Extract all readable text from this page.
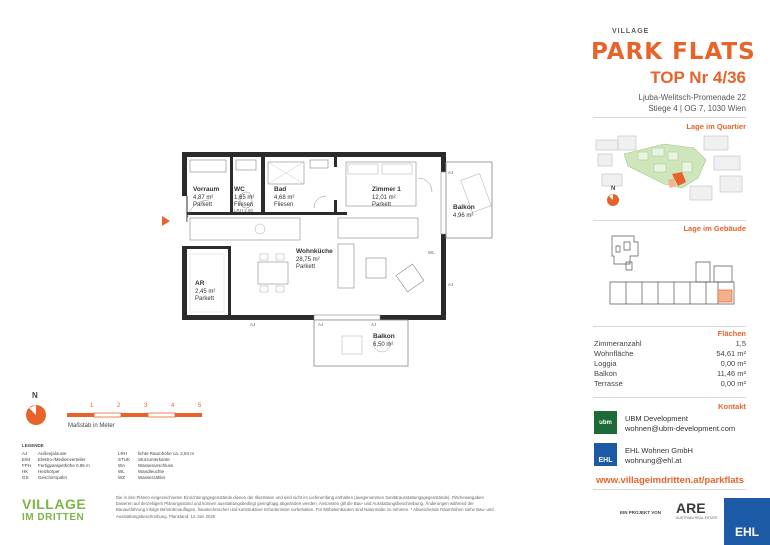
VILLAGE
PARK FLATS
TOP Nr 4/36
Ljuba-Welitsch-Promenade 22
Stiege 4 | OG 7, 1030 Wien
Lage im Quartier
N
Lage im Gebäude
Flächen
Zimmeranzahl	1,5
Wohnfläche	54,61 m²
Loggia	0,00 m²
Balkon	11,46 m²
Terrasse	0,00 m²
Kontakt
ubm	UBM Development
wohnen@ubm-development.com
EHL
EHL Wohnen GmbH
wohnung@ehl.at
www.villageimdritten.at/parkflats
Vorraum
4,87 m²
Parkett
WC
1,65 m²
Fliesen
LRH 2,50
Bad
4,68 m²
Fliesen
Zimmer 1
12,01 m²
Parkett	Balkon
4,96 m²
Wohnküche
28,75 m²
Parkett
AR
2,45 m²
Parkett
Balkon
6,50 m²
AJ
AJ
WL
AJ	AJ	AJ
N
1	2	3	4	5
Maßstab in Meter
LEGENDE
AJ Außenjalousie
E/M Elektro-/Medienverteiler
FPH Fertigparapethöhe 0,85 m
HK Heizkörper
GS Geschirrspüler
LRH lichte Raumhöhe ca. 2,84 m
STUK Sturzunterkante
WA	Wasseranschluss
WL	Wandleuchte
WZ	Wasserzähler
VILLAGE
IM DRITTEN
Die in den Plänen eingezeichneten Einrichtungsgegenstände dienen der Illustration und sind nicht im Lieferumfang enthalten (ausgenommen Sanitärausstattungsgegenstände). Flächenangaben basieren auf derzeitigem Planungsstand und können ausstattungsbedingt geringfügig abgeändert werden. Ansonsten gilt die Bau- und Ausstattungsbeschreibung. Änderungen während der Bauausführung infolge Behördenauflagen, haustechnischer und konstruktiver Erfordernisse vorbehalten. Für Möbeleinbauten sind Naturmaße zu nehmen. * Abweichende Raumhöhen siehe Bau- und Ausstattungsbeschreibung. Planstand: 12.Juni 2025
EIN PROJEKT VON ARE
AUSTRIAN REAL ESTATE
EHL
